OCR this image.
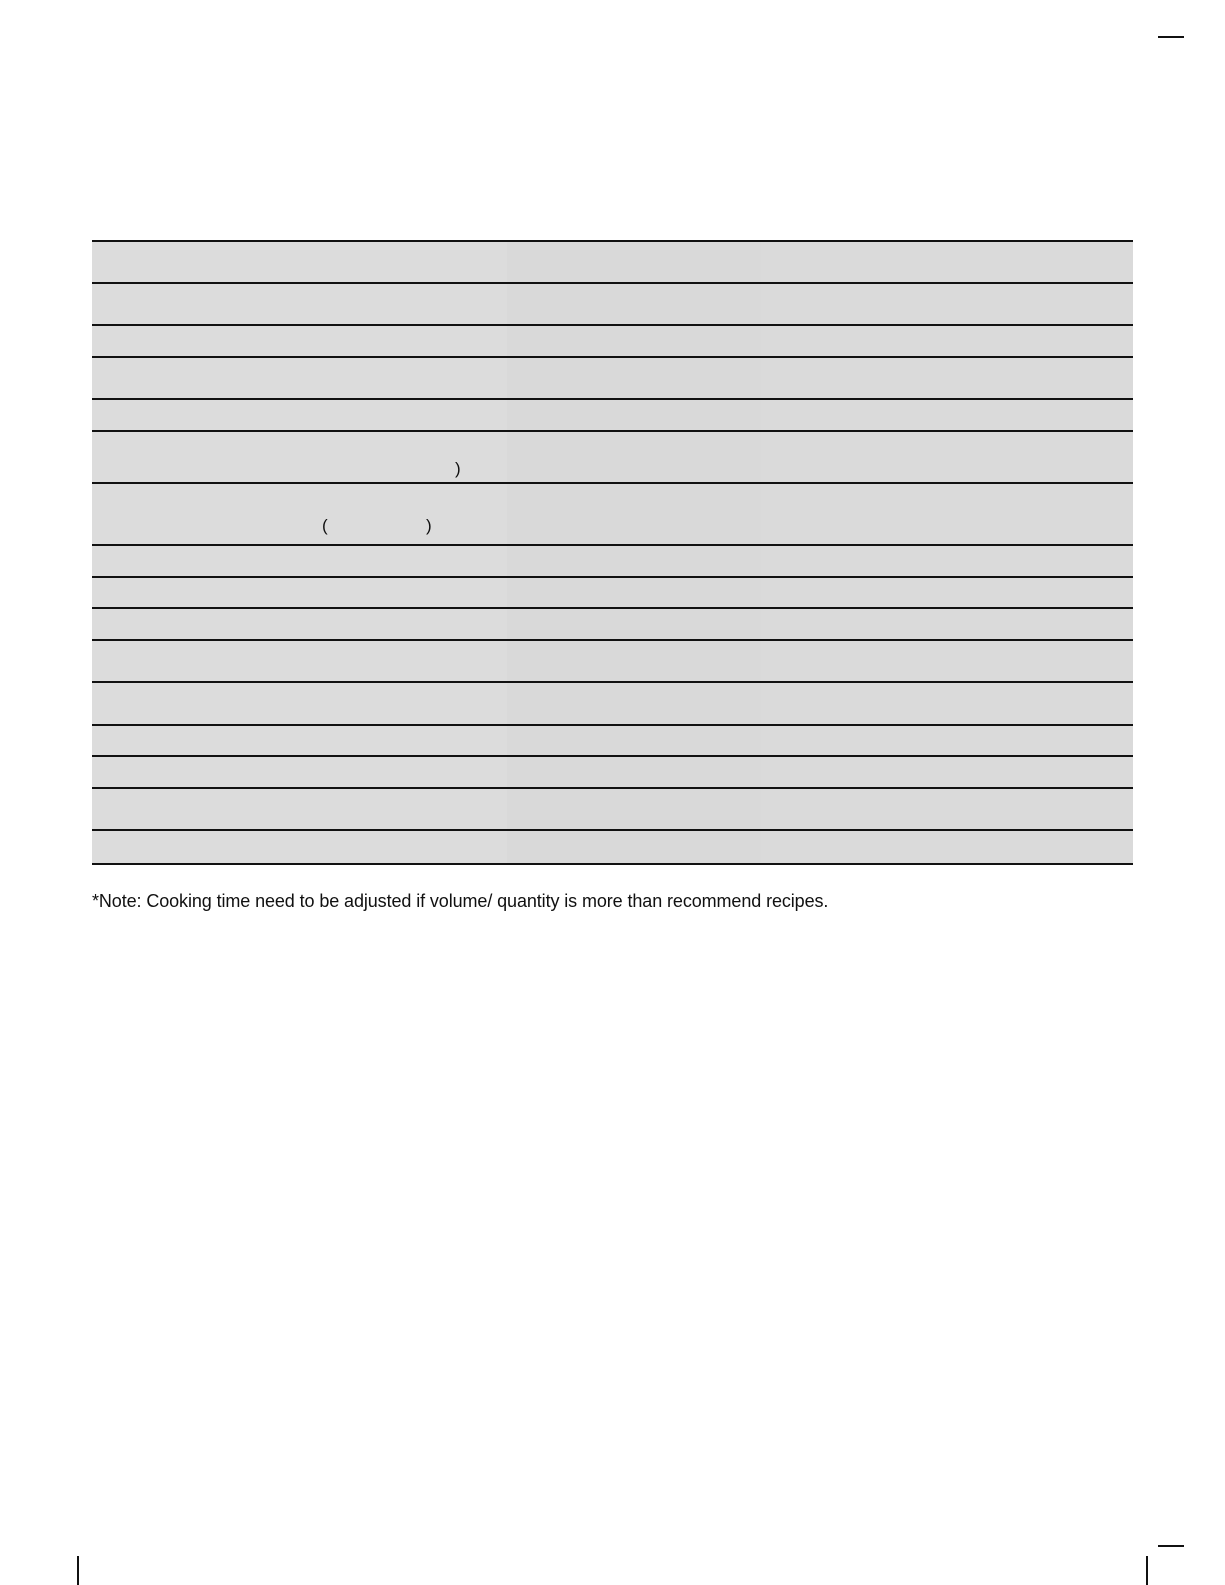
)
(	)
*Note: Cooking time need to be adjusted if volume/ quantity is more than recommend recipes.
